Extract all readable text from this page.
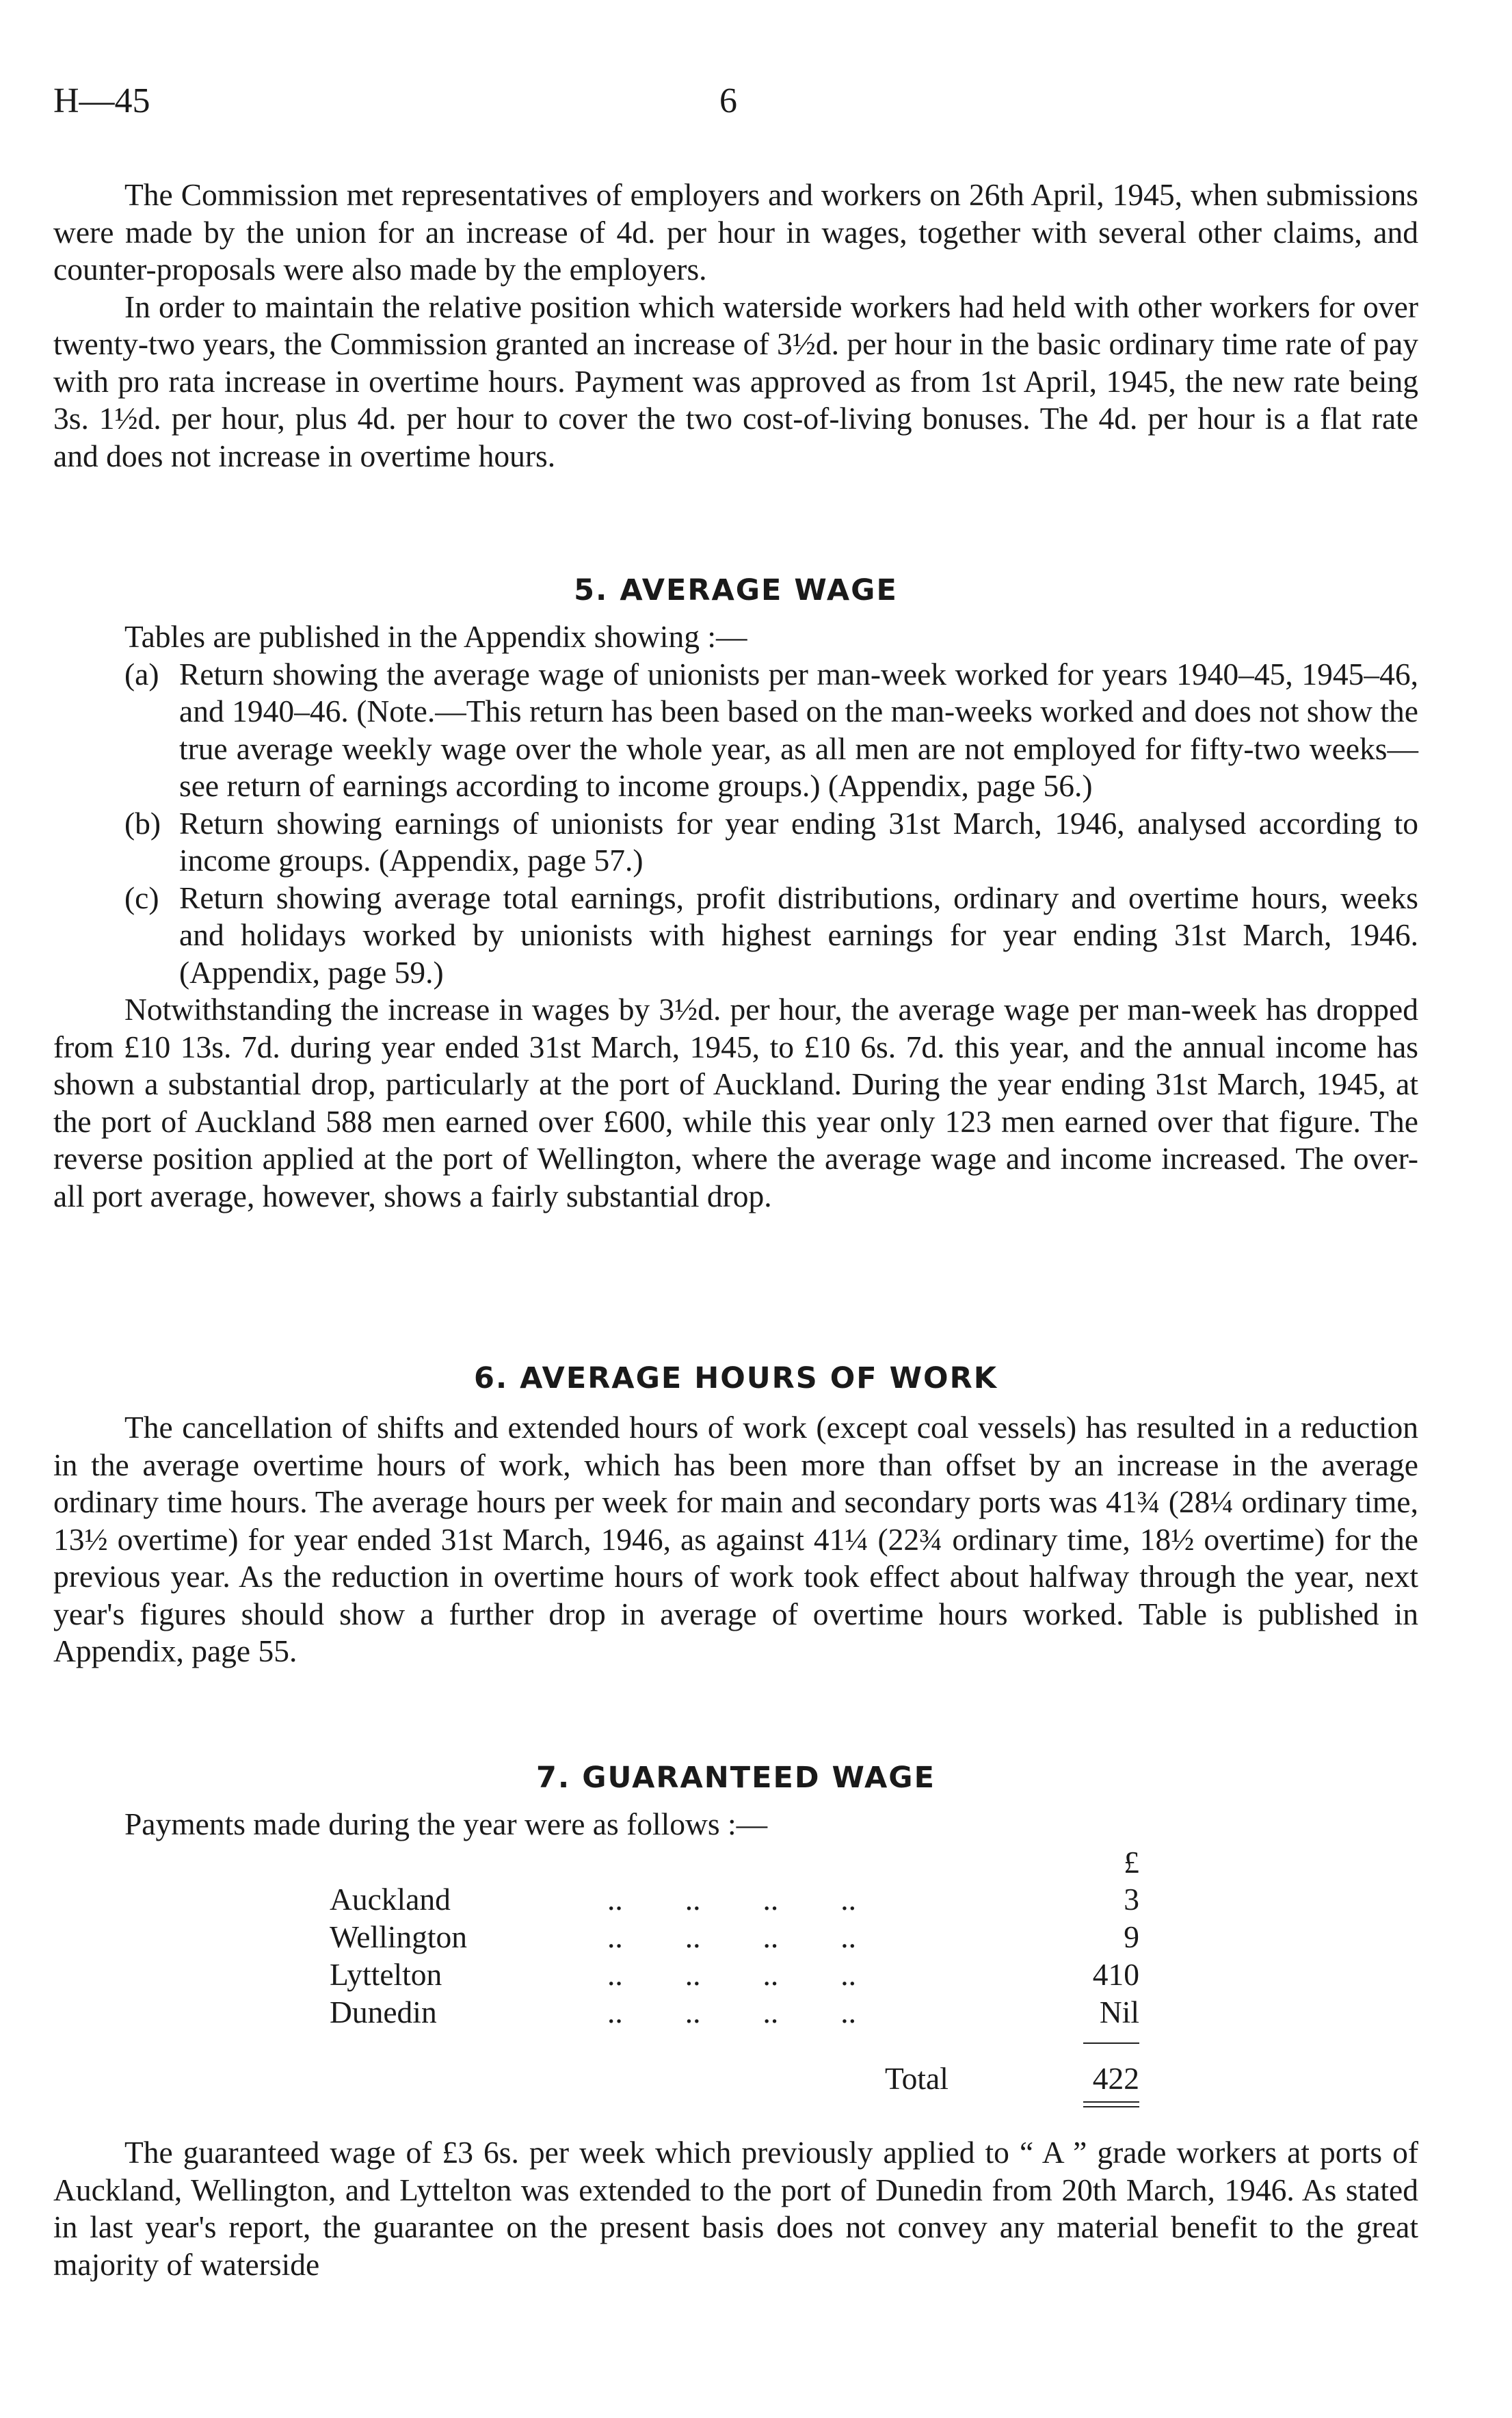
H—45	6

The Commission met representatives of employers and workers on 26th April, 1945, when submissions were made by the union for an increase of 4d. per hour in wages, together with several other claims, and counter-proposals were also made by the employers.

In order to maintain the relative position which waterside workers had held with other workers for over twenty-two years, the Commission granted an increase of 3½d. per hour in the basic ordinary time rate of pay with pro rata increase in overtime hours. Payment was approved as from 1st April, 1945, the new rate being 3s. 1½d. per hour, plus 4d. per hour to cover the two cost-of-living bonuses. The 4d. per hour is a flat rate and does not increase in overtime hours.

5. AVERAGE WAGE

Tables are published in the Appendix showing :—

(a) Return showing the average wage of unionists per man-week worked for years 1940–45, 1945–46, and 1940–46. (Note.—This return has been based on the man-weeks worked and does not show the true average weekly wage over the whole year, as all men are not employed for fifty-two weeks—see return of earnings according to income groups.) (Appendix, page 56.)
(b) Return showing earnings of unionists for year ending 31st March, 1946, analysed according to income groups. (Appendix, page 57.)
(c) Return showing average total earnings, profit distributions, ordinary and overtime hours, weeks and holidays worked by unionists with highest earnings for year ending 31st March, 1946. (Appendix, page 59.)

Notwithstanding the increase in wages by 3½d. per hour, the average wage per man-week has dropped from £10 13s. 7d. during year ended 31st March, 1945, to £10 6s. 7d. this year, and the annual income has shown a substantial drop, particularly at the port of Auckland. During the year ending 31st March, 1945, at the port of Auckland 588 men earned over £600, while this year only 123 men earned over that figure. The reverse position applied at the port of Wellington, where the average wage and income increased. The over-all port average, however, shows a fairly substantial drop.

6. AVERAGE HOURS OF WORK

The cancellation of shifts and extended hours of work (except coal vessels) has resulted in a reduction in the average overtime hours of work, which has been more than offset by an increase in the average ordinary time hours. The average hours per week for main and secondary ports was 41¾ (28¼ ordinary time, 13½ overtime) for year ended 31st March, 1946, as against 41¼ (22¾ ordinary time, 18½ overtime) for the previous year. As the reduction in overtime hours of work took effect about halfway through the year, next year's figures should show a further drop in average of overtime hours worked. Table is published in Appendix, page 55.

7. GUARANTEED WAGE

Payments made during the year were as follows :—

£
Auckland	..        ..        ..        ..	3
Wellington	..        ..        ..        ..	9
Lyttelton	..        ..        ..        ..	410
Dunedin	..        ..        ..        ..	Nil
Total	422

The guaranteed wage of £3 6s. per week which previously applied to “ A ” grade workers at ports of Auckland, Wellington, and Lyttelton was extended to the port of Dunedin from 20th March, 1946. As stated in last year's report, the guarantee on the present basis does not convey any material benefit to the great majority of waterside
